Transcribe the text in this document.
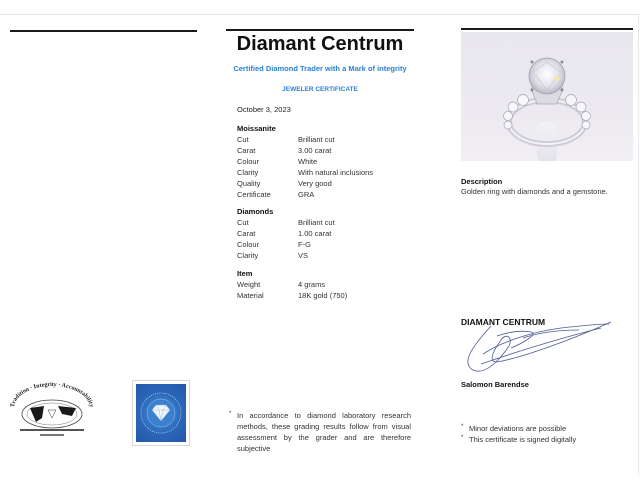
Diamant Centrum
Certified Diamond Trader with a Mark of integrity
JEWELER CERTIFICATE
October 3, 2023
Moissanite
Cut	Brilliant cut
Carat	3.00 carat
Colour	White
Clarity	With natural inclusions
Quality	Very good
Certificate	GRA
Diamonds
Cut	Brilliant cut
Carat	1.00 carat
Colour	F-G
Clarity	VS
Item
Weight	4 grams
Material	18K gold (750)
* In accordance to diamond laboratory research methods, these grading results follow from visual assessment by the grader and are therefore subjective
Description
Golden ring with diamonds and a gemstone.
DIAMANT CENTRUM
Salomon Barendse
* Minor deviations are possible
* This certificate is signed digitally
Tradition · Integrity · Accountability
